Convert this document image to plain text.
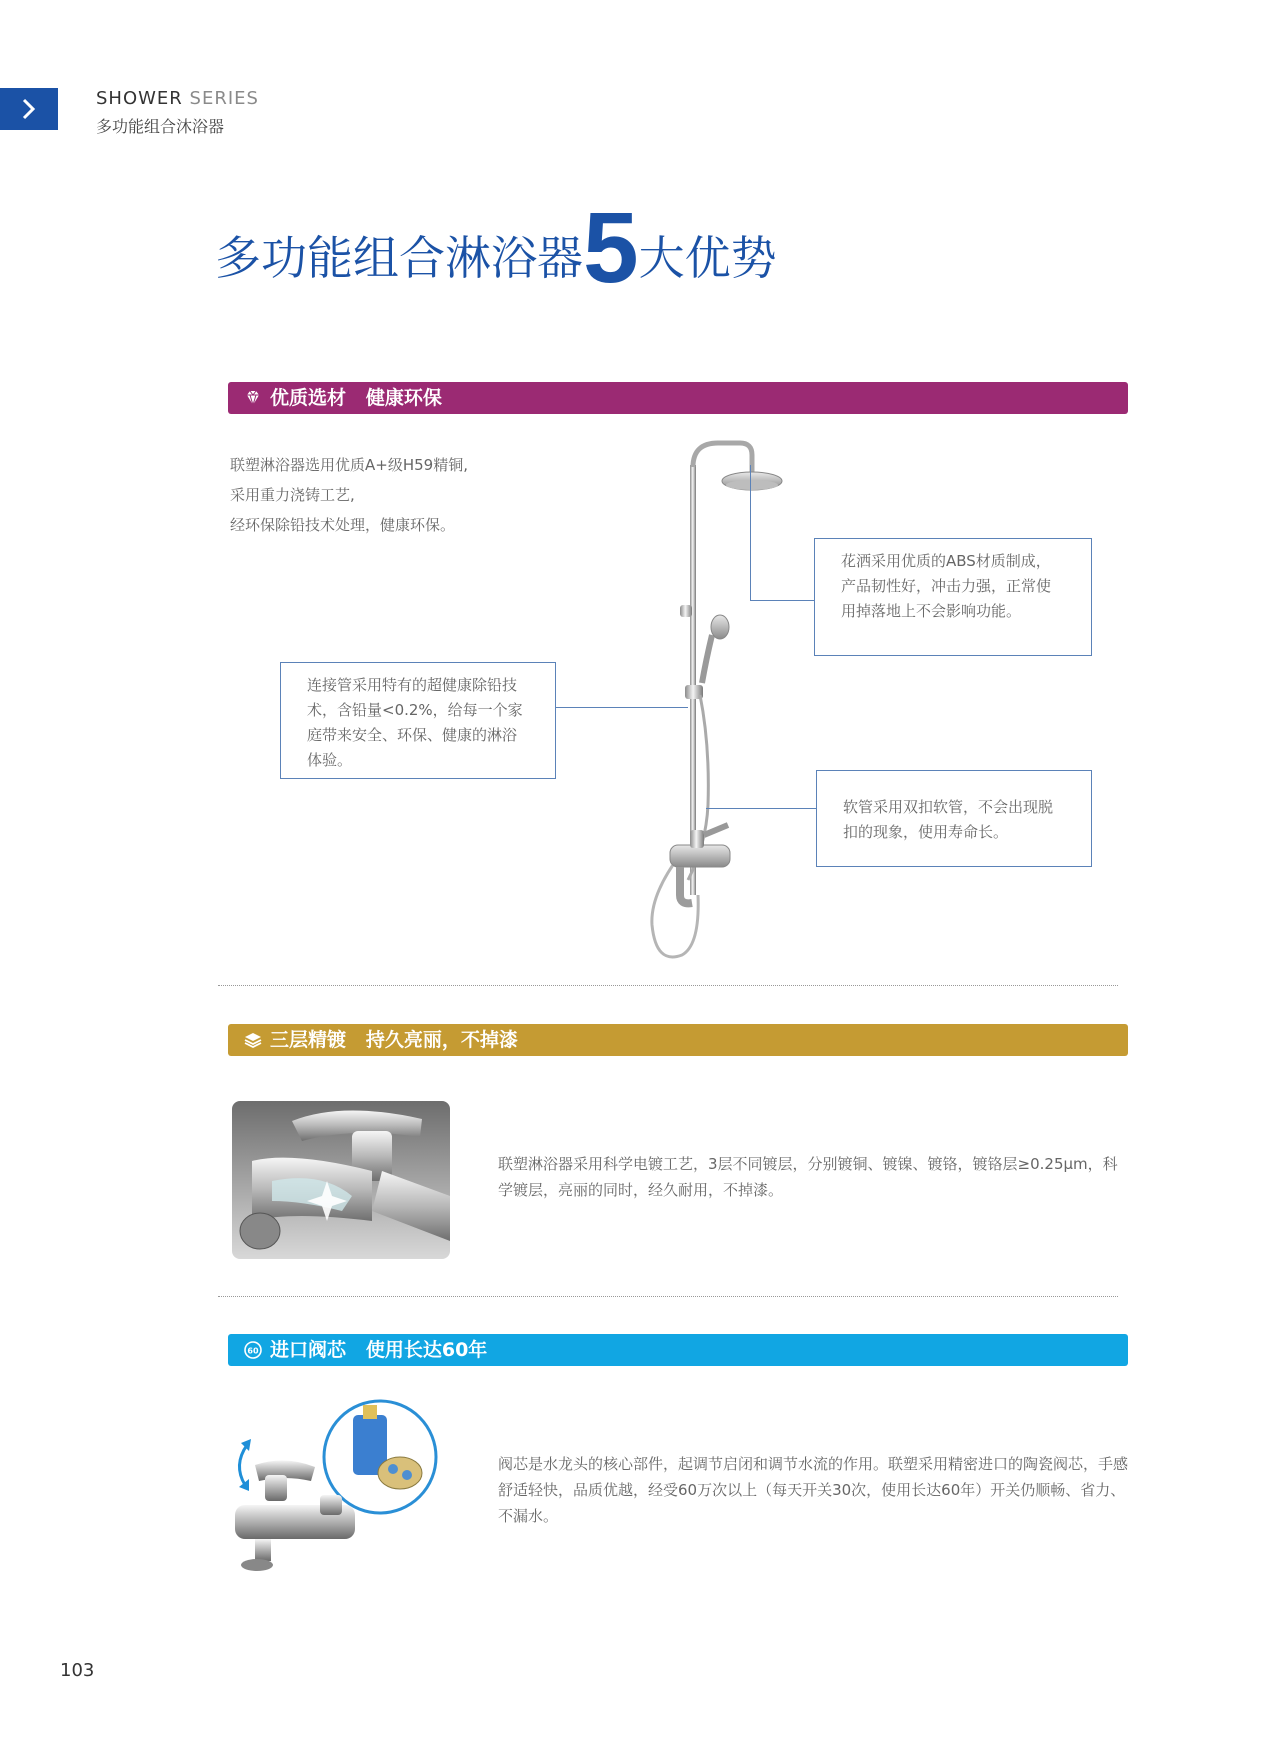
SHOWER SERIES
多功能组合沐浴器
多功能组合淋浴器5大优势
优质选材   健康环保
联塑淋浴器选用优质A+级H59精铜,
采用重力浇铸工艺,
经环保除铅技术处理，健康环保。
花洒采用优质的ABS材质制成，产品韧性好，冲击力强，正常使用掉落地上不会影响功能。
连接管采用特有的超健康除铅技术，含铅量<0.2%，给每一个家庭带来安全、环保、健康的淋浴体验。
软管采用双扣软管，不会出现脱扣的现象，使用寿命长。
三层精镀   持久亮丽，不掉漆
联塑淋浴器采用科学电镀工艺，3层不同镀层，分别镀铜、镀镍、镀铬，镀铬层≥0.25μm，科学镀层，亮丽的同时，经久耐用，不掉漆。
60 进口阀芯   使用长达60年
阀芯是水龙头的核心部件，起调节启闭和调节水流的作用。联塑采用精密进口的陶瓷阀芯，手感舒适轻快，品质优越，经受60万次以上（每天开关30次，使用长达60年）开关仍顺畅、省力、不漏水。
103
